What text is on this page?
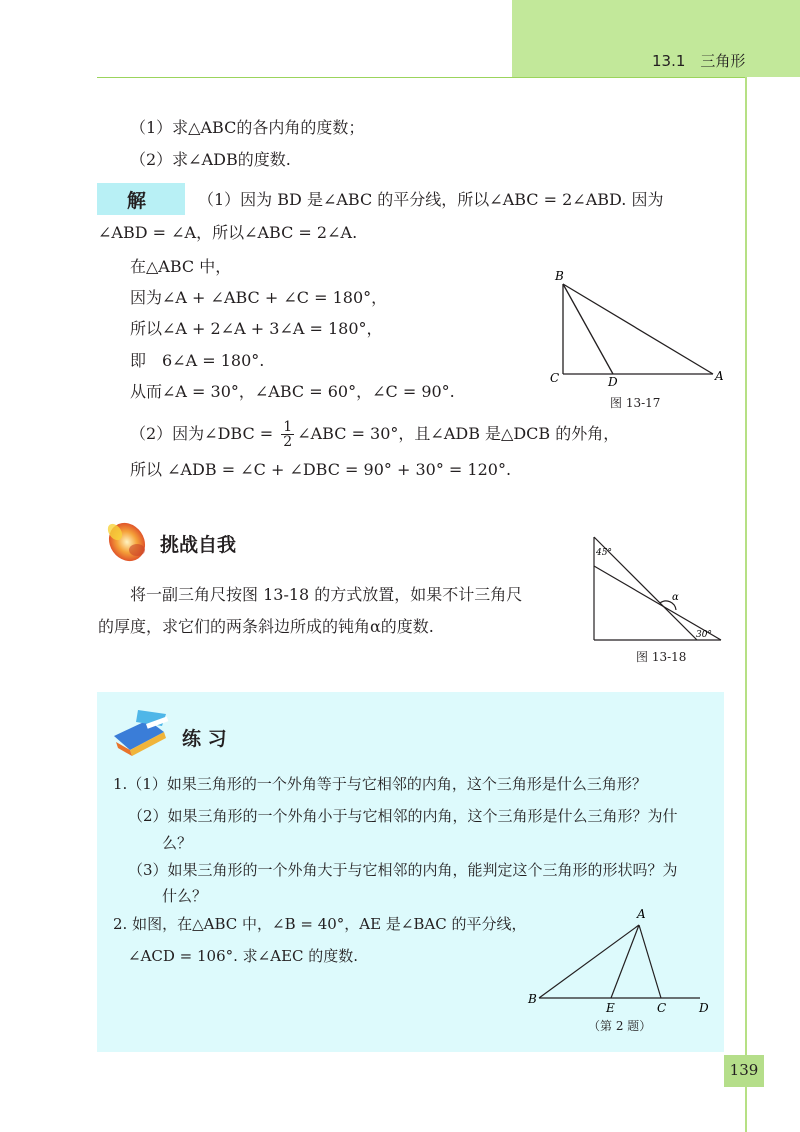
13.1 三角形
（1）求△ABC的各内角的度数；
（2）求∠ADB的度数.
解	（1）因为 BD 是∠ABC 的平分线，所以∠ABC = 2∠ABD. 因为
∠ABD = ∠A，所以∠ABC = 2∠A.
在△ABC 中，
因为∠A + ∠ABC + ∠C = 180°，
所以∠A + 2∠A + 3∠A = 180°，
即　6∠A = 180°.
从而∠A = 30°，∠ABC = 60°，∠C = 90°.
（2）因为∠DBC = $\frac{1}{2}$ ∠ABC = 30°，且∠ADB 是△DCB 的外角，
所以 ∠ADB = ∠C + ∠DBC = 90° + 30° = 120°.
B
C	D	A
图 13-17
挑战自我
将一副三角尺按图 13-18 的方式放置，如果不计三角尺
的厚度，求它们的两条斜边所成的钝角α的度数.
45°
α
30°
图 13-18
练 习
1.（1）如果三角形的一个外角等于与它相邻的内角，这个三角形是什么三角形？
（2）如果三角形的一个外角小于与它相邻的内角，这个三角形是什么三角形？为什
么？
（3）如果三角形的一个外角大于与它相邻的内角，能判定这个三角形的形状吗？为
什么？
2. 如图，在△ABC 中，∠B = 40°，AE 是∠BAC 的平分线，
∠ACD = 106°. 求∠AEC 的度数.
A
B
E	C	D
（第 2 题）
139
